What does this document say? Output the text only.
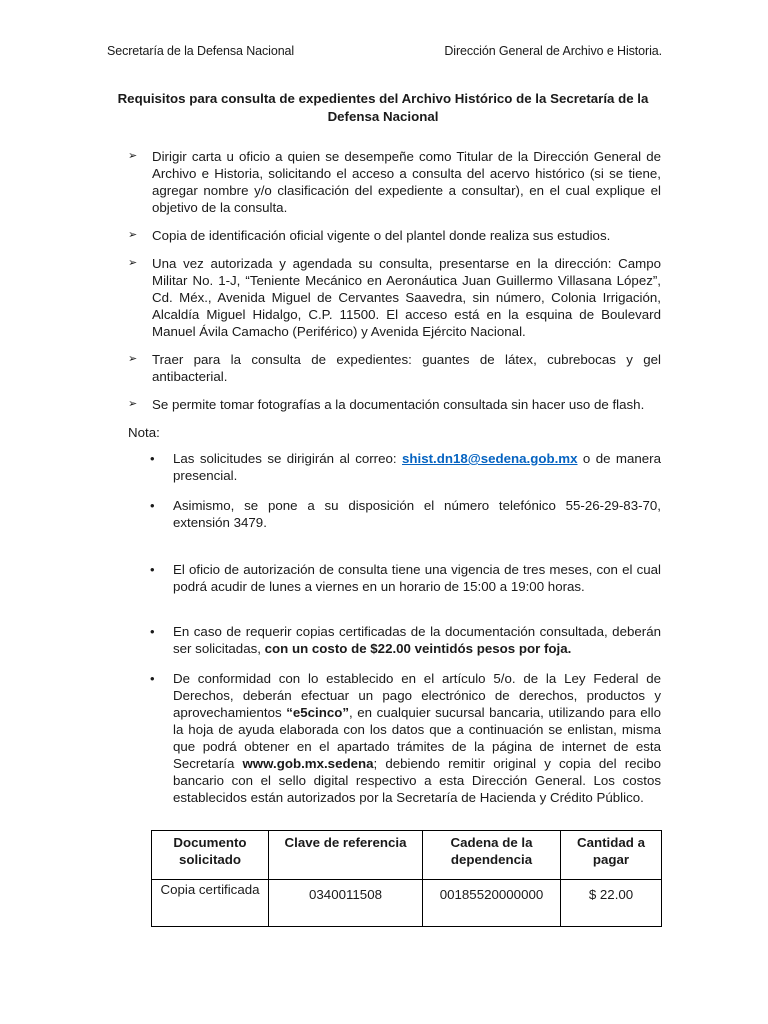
Secretaría de la Defensa Nacional	Dirección General de Archivo e Historia.
Requisitos para consulta de expedientes del Archivo Histórico de la Secretaría de la Defensa Nacional
➢ Dirigir carta u oficio a quien se desempeñe como Titular de la Dirección General de Archivo e Historia, solicitando el acceso a consulta del acervo histórico (si se tiene, agregar nombre y/o clasificación del expediente a consultar), en el cual explique el objetivo de la consulta.
➢ Copia de identificación oficial vigente o del plantel donde realiza sus estudios.
➢ Una vez autorizada y agendada su consulta, presentarse en la dirección: Campo Militar No. 1-J, “Teniente Mecánico en Aeronáutica Juan Guillermo Villasana López”, Cd. Méx., Avenida Miguel de Cervantes Saavedra, sin número, Colonia Irrigación, Alcaldía Miguel Hidalgo, C.P. 11500. El acceso está en la esquina de Boulevard Manuel Ávila Camacho (Periférico) y Avenida Ejército Nacional.
➢ Traer para la consulta de expedientes: guantes de látex, cubrebocas y gel antibacterial.
➢ Se permite tomar fotografías a la documentación consultada sin hacer uso de flash.
Nota:
• Las solicitudes se dirigirán al correo: shist.dn18@sedena.gob.mx o de manera presencial.
• Asimismo, se pone a su disposición el número telefónico 55-26-29-83-70, extensión 3479.
• El oficio de autorización de consulta tiene una vigencia de tres meses, con el cual podrá acudir de lunes a viernes en un horario de 15:00 a 19:00 horas.
• En caso de requerir copias certificadas de la documentación consultada, deberán ser solicitadas, con un costo de $22.00 veintidós pesos por foja.
• De conformidad con lo establecido en el artículo 5/o. de la Ley Federal de Derechos, deberán efectuar un pago electrónico de derechos, productos y aprovechamientos “e5cinco”, en cualquier sucursal bancaria, utilizando para ello la hoja de ayuda elaborada con los datos que a continuación se enlistan, misma que podrá obtener en el apartado trámites de la página de internet de esta Secretaría www.gob.mx.sedena; debiendo remitir original y copia del recibo bancario con el sello digital respectivo a esta Dirección General. Los costos establecidos están autorizados por la Secretaría de Hacienda y Crédito Público.
Documento solicitado	Clave de referencia	Cadena de la dependencia	Cantidad a pagar
Copia certificada	0340011508	00185520000000	$ 22.00
